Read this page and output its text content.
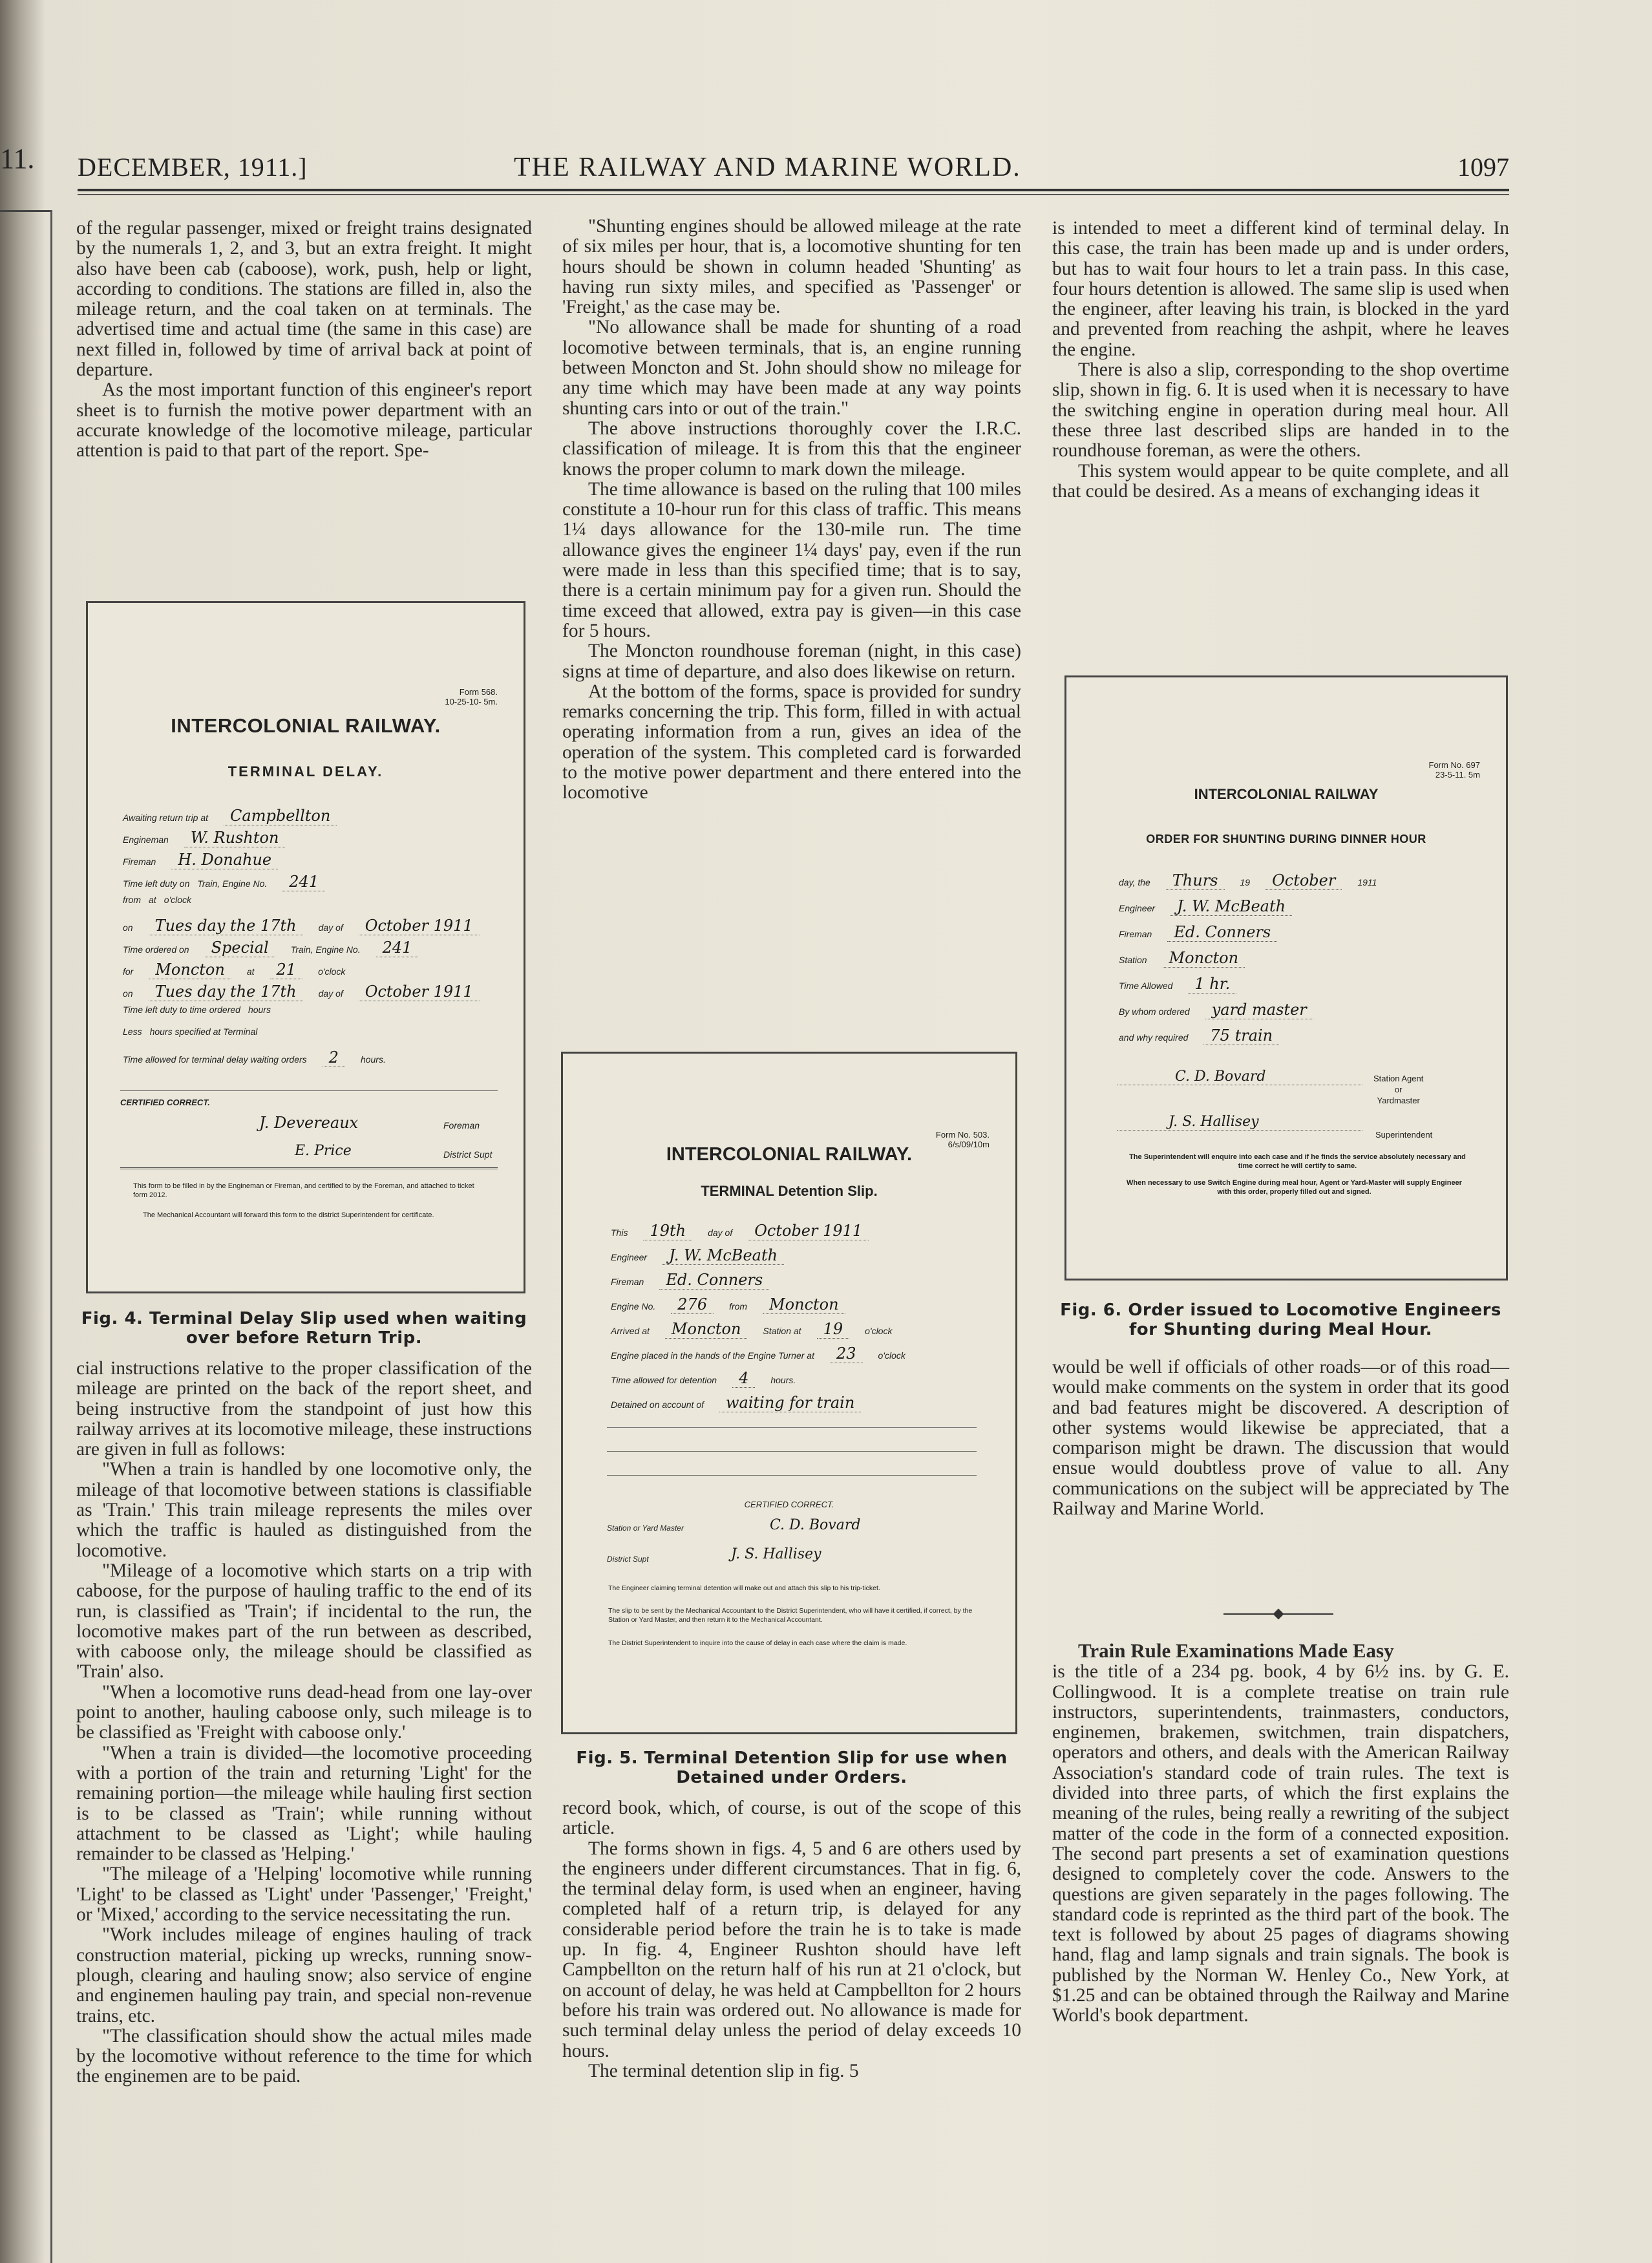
11. DECEMBER, 1911.]	THE RAILWAY AND MARINE WORLD.	1097

of the regular passenger, mixed or freight trains designated by the numerals 1, 2, and 3, but an extra freight. It might also have been cab (caboose), work, push, help or light, according to conditions. The stations are filled in, also the mileage return, and the coal taken on at terminals. The advertised time and actual time (the same in this case) are next filled in, followed by time of arrival back at point of departure.

As the most important function of this engineer's report sheet is to furnish the motive power department with an accurate knowledge of the locomotive mileage, particular attention is paid to that part of the report. Spe-

Form 568.
10-25-10- 5m.
INTERCOLONIAL RAILWAY.
TERMINAL DELAY.
Awaiting return trip at Campbellton
Engineman W. Rushton
Fireman H. Donahue
Time left duty on Train, Engine No. 241
from at o'clock
on Tues day the 17th day of October 1911
Time ordered on Special Train, Engine No. 241
for Moncton at 21 o'clock
on Tues day the 17th day of October 1911
Time left duty to time ordered hours
Less hours specified at Terminal
Time allowed for terminal delay waiting orders 2 hours.
CERTIFIED CORRECT.
J. Devereaux	Foreman
E. Price	District Supt
This form to be filled in by the Engineman or Fireman, and certified to by the Foreman, and attached to ticket form 2012.
The Mechanical Accountant will forward this form to the district Superintendent for certificate.
Fig. 4. Terminal Delay Slip used when waiting over before Return Trip.

cial instructions relative to the proper classification of the mileage are printed on the back of the report sheet, and being instructive from the standpoint of just how this railway arrives at its locomotive mileage, these instructions are given in full as follows:

"When a train is handled by one locomotive only, the mileage of that locomotive between stations is classifiable as 'Train.' This train mileage represents the miles over which the traffic is hauled as distinguished from the locomotive.

"Mileage of a locomotive which starts on a trip with caboose, for the purpose of hauling traffic to the end of its run, is classified as 'Train'; if incidental to the run, the locomotive makes part of the run between as described, with caboose only, the mileage should be classified as 'Train' also.

"When a locomotive runs dead-head from one lay-over point to another, hauling caboose only, such mileage is to be classified as 'Freight with caboose only.'

"When a train is divided—the locomotive proceeding with a portion of the train and returning 'Light' for the remaining portion—the mileage while hauling first section is to be classed as 'Train'; while running without attachment to be classed as 'Light'; while hauling remainder to be classed as 'Helping.'

"The mileage of a 'Helping' locomotive while running 'Light' to be classed as 'Light' under 'Passenger,' 'Freight,' or 'Mixed,' according to the service necessitating the run.

"Work includes mileage of engines hauling of track construction material, picking up wrecks, running snow-plough, clearing and hauling snow; also service of engine and enginemen hauling pay train, and special non-revenue trains, etc.

"The classification should show the actual miles made by the locomotive without reference to the time for which the enginemen are to be paid.

"Shunting engines should be allowed mileage at the rate of six miles per hour, that is, a locomotive shunting for ten hours should be shown in column headed 'Shunting' as having run sixty miles, and specified as 'Passenger' or 'Freight,' as the case may be.

"No allowance shall be made for shunting of a road locomotive between terminals, that is, an engine running between Moncton and St. John should show no mileage for any time which may have been made at any way points shunting cars into or out of the train."

The above instructions thoroughly cover the I.R.C. classification of mileage. It is from this that the engineer knows the proper column to mark down the mileage.

The time allowance is based on the ruling that 100 miles constitute a 10-hour run for this class of traffic. This means 1¼ days allowance for the 130-mile run. The time allowance gives the engineer 1¼ days' pay, even if the run were made in less than this specified time; that is to say, there is a certain minimum pay for a given run. Should the time exceed that allowed, extra pay is given—in this case for 5 hours.

The Moncton roundhouse foreman (night, in this case) signs at time of departure, and also does likewise on return.

At the bottom of the forms, space is provided for sundry remarks concerning the trip. This form, filled in with actual operating information from a run, gives an idea of the operation of the system. This completed card is forwarded to the motive power department and there entered into the locomotive

Form No. 503.
6/s/09/10m
INTERCOLONIAL RAILWAY.
TERMINAL Detention Slip.
This 19th day of October 1911
Engineer J. W. McBeath
Fireman Ed. Conners
Engine No. 276 from Moncton
Arrived at Moncton Station at 19 o'clock
Engine placed in the hands of the Engine Turner at 23 o'clock
Time allowed for detention 4 hours.
Detained on account of waiting for train
CERTIFIED CORRECT.
Station or Yard Master	C. D. Bovard
District Supt	J. S. Hallisey
The Engineer claiming terminal detention will make out and attach this slip to his trip-ticket.
The slip to be sent by the Mechanical Accountant to the District Superintendent, who will have it certified, if correct, by the Station or Yard Master, and then return it to the Mechanical Accountant.
The District Superintendent to inquire into the cause of delay in each case where the claim is made.
Fig. 5. Terminal Detention Slip for use when Detained under Orders.

record book, which, of course, is out of the scope of this article.

The forms shown in figs. 4, 5 and 6 are others used by the engineers under different circumstances. That in fig. 6, the terminal delay form, is used when an engineer, having completed half of a return trip, is delayed for any considerable period before the train he is to take is made up. In fig. 4, Engineer Rushton should have left Campbellton on the return half of his run at 21 o'clock, but on account of delay, he was held at Campbellton for 2 hours before his train was ordered out. No allowance is made for such terminal delay unless the period of delay exceeds 10 hours.

The terminal detention slip in fig. 5

is intended to meet a different kind of terminal delay. In this case, the train has been made up and is under orders, but has to wait four hours to let a train pass. In this case, four hours detention is allowed. The same slip is used when the engineer, after leaving his train, is blocked in the yard and prevented from reaching the ashpit, where he leaves the engine.

There is also a slip, corresponding to the shop overtime slip, shown in fig. 6. It is used when it is necessary to have the switching engine in operation during meal hour. All these three last described slips are handed in to the roundhouse foreman, as were the others.

This system would appear to be quite complete, and all that could be desired. As a means of exchanging ideas it

Form No. 697
23-5-11. 5m
INTERCOLONIAL RAILWAY
ORDER FOR SHUNTING DURING DINNER HOUR
day, the Thurs 19 October 1911
Engineer J. W. McBeath
Fireman Ed. Conners
Station Moncton
Time Allowed 1 hr.
By whom ordered yard master
and why required 75 train
C. D. Bovard	Station Agent
or
Yardmaster
J. S. Hallisey
Superintendent
The Superintendent will enquire into each case and if he finds the service absolutely necessary and time correct he will certify to same.
When necessary to use Switch Engine during meal hour, Agent or Yard-Master will supply Engineer with this order, properly filled out and signed.
Fig. 6. Order issued to Locomotive Engineers for Shunting during Meal Hour.

would be well if officials of other roads—or of this road—would make comments on the system in order that its good and bad features might be discovered. A description of other systems would likewise be appreciated, that a comparison might be drawn. The discussion that would ensue would doubtless prove of value to all. Any communications on the subject will be appreciated by The Railway and Marine World.

Train Rule Examinations Made Easy

is the title of a 234 pg. book, 4 by 6½ ins. by G. E. Collingwood. It is a complete treatise on train rule instructors, superintendents, trainmasters, conductors, enginemen, brakemen, switchmen, train dispatchers, operators and others, and deals with the American Railway Association's standard code of train rules. The text is divided into three parts, of which the first explains the meaning of the rules, being really a rewriting of the subject matter of the code in the form of a connected exposition. The second part presents a set of examination questions designed to completely cover the code. Answers to the questions are given separately in the pages following. The standard code is reprinted as the third part of the book. The text is followed by about 25 pages of diagrams showing hand, flag and lamp signals and train signals. The book is published by the Norman W. Henley Co., New York, at $1.25 and can be obtained through the Railway and Marine World's book department.
